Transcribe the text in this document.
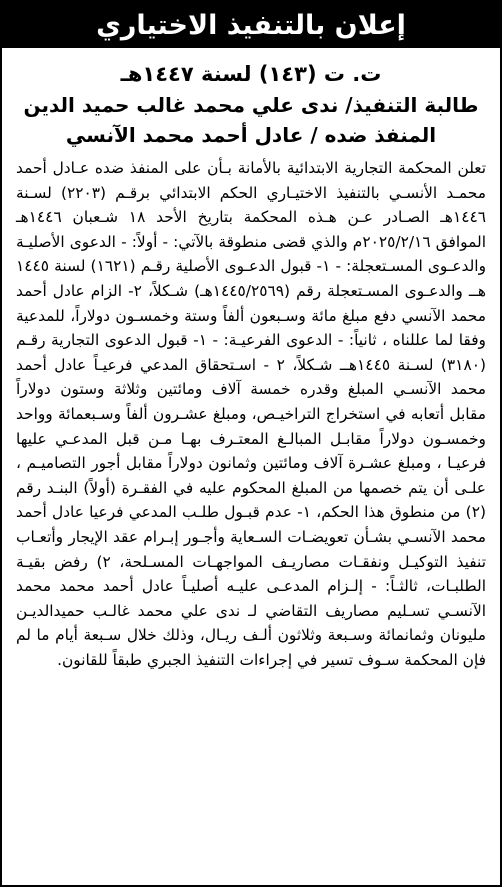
إعلان بالتنفيذ الاختياري
ت. ت (١٤٣) لسنة ١٤٤٧هـ
طالبة التنفيذ/ ندى علي محمد غالب حميد الدين
المنفذ ضده / عادل أحمد محمد الآنسي

تعلن المحكمة التجارية الابتدائية بالأمانة بـأن على المنفذ ضده عـادل أحمد محمـد الأنسـي بالتنفيذ الاختيـاري الحكم الابتدائي برقـم (٢٢٠٣) لسـنة ١٤٤٦هـ الصـادر عـن هـذه المحكمة بتاريخ الأحد ١٨ شـعبان ١٤٤٦هـ الموافق ٢٠٢٥/٢/١٦م والذي قضى منطوقة بالآتي: - أولاً: - الدعوى الأصليـة والدعـوى المسـتعجلة: - ١- قبول الدعـوى الأصلية رقـم (١٦٢١) لسنة ١٤٤٥ هــ والدعـوى المسـتعجلة رقم (١٤٤٥/٢٥٦٩هـ) شـكلاً، ٢- الزام عادل أحمد محمد الآنسي دفع مبلغ مائة وسـبعون ألفاً وستة وخمسـون دولاراً، للمدعية وفقا لما عللناه ، ثانياً: - الدعوى الفرعيـة: - ١- قبول الدعوى التجارية رقـم (٣١٨٠) لسـنة ١٤٤٥هــ شـكلاً، ٢ - اسـتحقاق المدعي فرعيـاً عادل أحمد محمد الآنسـي المبلغ وقدره خمسة آلاف ومائتين وثلاثة وستون دولاراً مقابل أتعابه في استخراج التراخيـص، ومبلغ عشـرون ألفاً وسـبعمائة وواحد وخمسـون دولاراً مقابـل المبالـغ المعتـرف بهـا مـن قبل المدعـي عليها فرعيـا ، ومبلغ عشـرة آلاف ومائتين وثمانون دولاراً مقابل أجور التصاميـم ، علـى أن يتم خصمها من المبلغ المحكوم عليه في الفقـرة (أولاً) البنـد رقم (٢) من منطوق هذا الحكم، ١- عدم قبـول طلـب المدعي فرعيا عادل أحمد محمد الآنسـي بشـأن تعويضـات السـعاية وأجـور إبـرام عقد الإيجار وأتعـاب تنفيذ التوكيـل ونفقـات مصاريـف المواجهـات المسـلحة، ٢) رفض بقيـة الطلبـات، ثالثـاً: - إلـزام المدعـى عليـه أصليـاً عادل أحمد محمد محمد الآنسـي تسـليم مصاريف التقاضي لـ ندى علي محمد غالـب حميدالديـن مليونان وثمانمائة وسـبعة وثلاثون ألـف ريـال، وذلك خلال سـبعة أيام ما لم فإن المحكمة سـوف تسير في إجراءات التنفيذ الجبري طبقاً للقانون.
